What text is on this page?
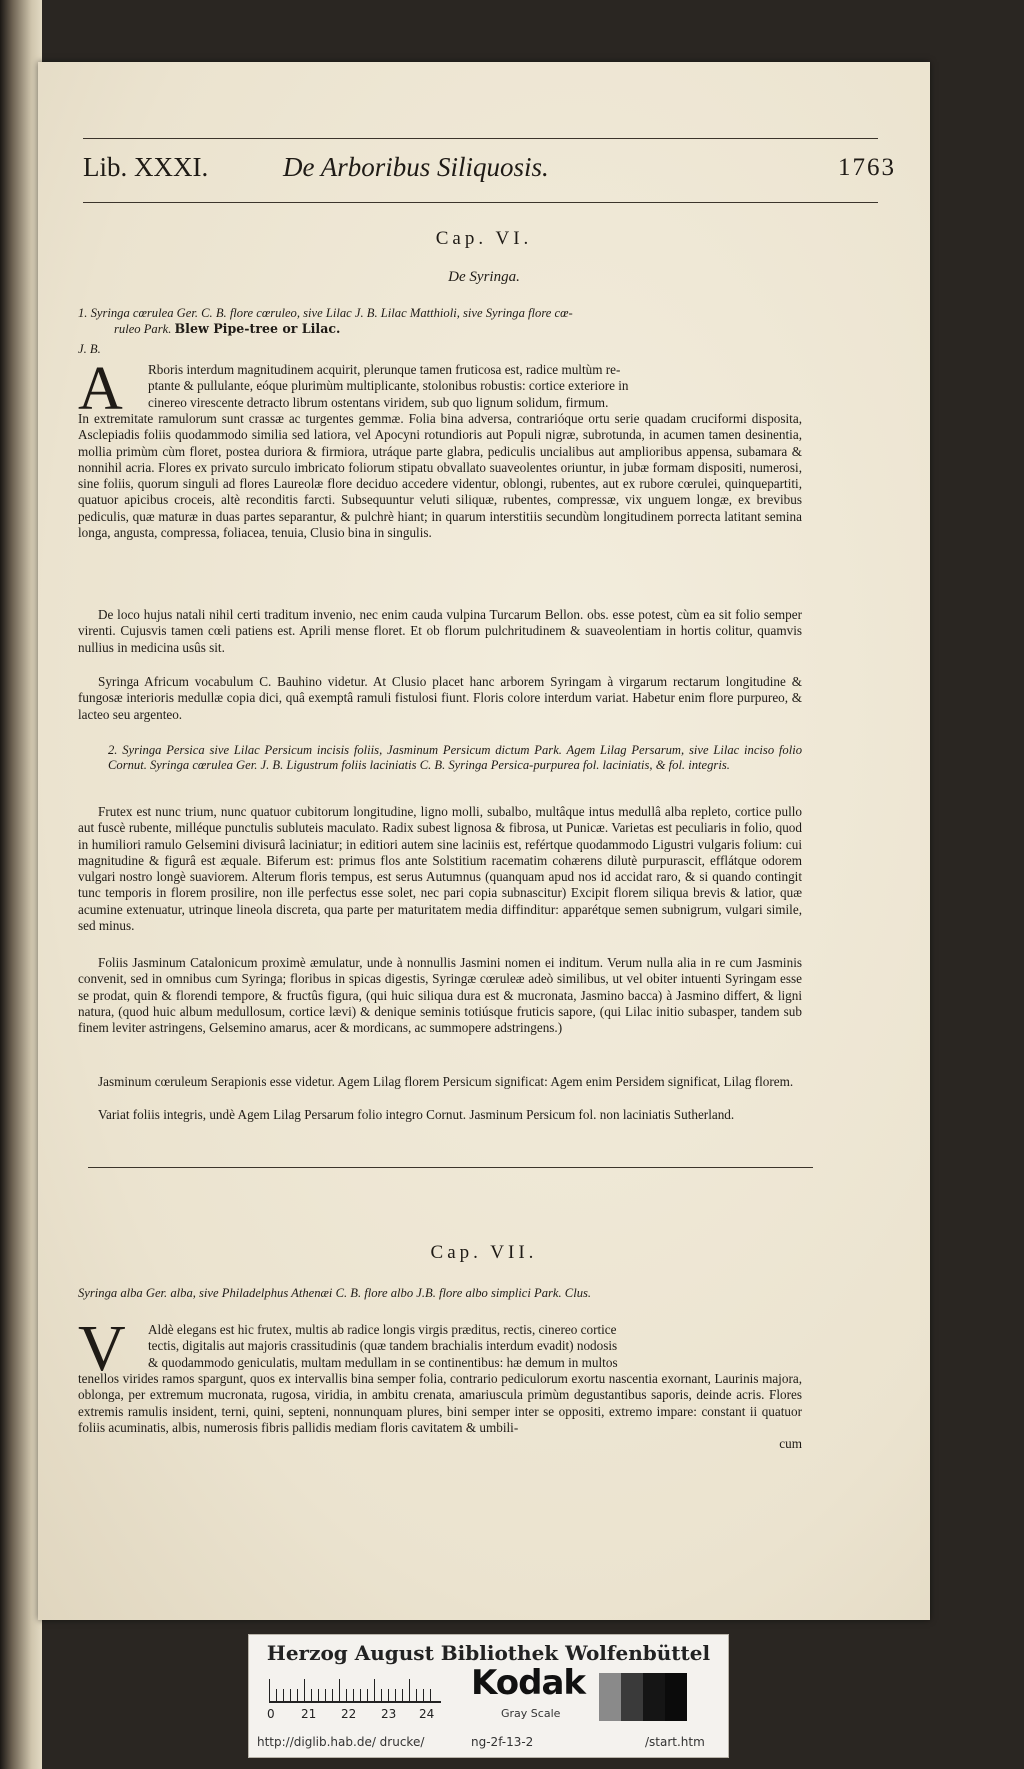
Lib. XXXI.	De Arboribus Siliquosis.	1763
Cap. VI.
De Syringa.

1. Syringa cœrulea Ger. C. B. flore cœruleo, sive Lilac J. B. Lilac Matthioli, sive Syringa flore cœ-

ruleo Park. Blew Pipe-tree or Lilac.

J. B.
A Rboris interdum magnitudinem acquirit, plerunque tamen fruticosa est, radice multùm re-

ptante & pullulante, eóque plurimùm multiplicante, stolonibus robustis: cortice exteriore in

cinereo virescente detracto librum ostentans viridem, sub quo lignum solidum, firmum.

In extremitate ramulorum sunt crassæ ac turgentes gemmæ. Folia bina adversa, contrarióque ortu serie quadam cruciformi disposita, Asclepiadis foliis quodammodo similia sed latiora, vel Apocyni rotundioris aut Populi nigræ, subrotunda, in acumen tamen desinentia, mollia primùm cùm floret, postea duriora & firmiora, utráque parte glabra, pediculis uncialibus aut amplioribus appensa, subamara & nonnihil acria. Flores ex privato surculo imbricato foliorum stipatu obvallato suaveolentes oriuntur, in jubæ formam dispositi, numerosi, sine foliis, quorum singuli ad flores Laureolæ flore deciduo accedere videntur, oblongi, rubentes, aut ex rubore cœrulei, quinquepartiti, quatuor apicibus croceis, altè reconditis farcti. Subsequuntur veluti siliquæ, rubentes, compressæ, vix unguem longæ, ex brevibus pediculis, quæ maturæ in duas partes separantur, & pulchrè hiant; in quarum interstitiis secundùm longitudinem porrecta latitant semina longa, angusta, compressa, foliacea, tenuia, Clusio bina in singulis.
De loco hujus natali nihil certi traditum invenio, nec enim cauda vulpina Turcarum Bellon. obs. esse potest, cùm ea sit folio semper virenti. Cujusvis tamen cœli patiens est. Aprili mense floret. Et ob florum pulchritudinem & suaveolentiam in hortis colitur, quamvis nullius in medicina usûs sit.
Syringa Africum vocabulum C. Bauhino videtur. At Clusio placet hanc arborem Syringam à virgarum rectarum longitudine & fungosæ interioris medullæ copia dici, quâ exemptâ ramuli fistulosi fiunt. Floris colore interdum variat. Habetur enim flore purpureo, & lacteo seu argenteo.
2. Syringa Persica sive Lilac Persicum incisis foliis, Jasminum Persicum dictum Park. Agem Lilag Persarum, sive Lilac inciso folio Cornut. Syringa cœrulea Ger. J. B. Ligustrum foliis laciniatis C. B. Syringa Persica-purpurea fol. laciniatis, & fol. integris.
Frutex est nunc trium, nunc quatuor cubitorum longitudine, ligno molli, subalbo, multâque intus medullâ alba repleto, cortice pullo aut fuscè rubente, milléque punctulis sublutеis maculato. Radix subest lignosa & fibrosa, ut Punicæ. Varietas est peculiaris in folio, quod in humiliori ramulo Gelsemini divisurâ laciniatur; in editiori autem sine laciniis est, refértque quodammodo Ligustri vulgaris folium: cui magnitudine & figurâ est æquale. Biferum est: primus flos ante Solstitium racematim cohærens dilutè purpurascit, efflátque odorem vulgari nostro longè suaviorem. Alterum floris tempus, est serus Autumnus (quanquam apud nos id accidat raro, & si quando contingit tunc temporis in florem prosilire, non ille perfectus esse solet, nec pari copia subnascitur) Excipit florem siliqua brevis & latior, quæ acumine extenuatur, utrinque lineola discreta, qua parte per maturitatem media diffinditur: apparétque semen subnigrum, vulgari simile, sed minus.
Foliis Jasminum Catalonicum proximè æmulatur, unde à nonnullis Jasmini nomen ei inditum. Verum nulla alia in re cum Jasminis convenit, sed in omnibus cum Syringa; floribus in spicas digestis, Syringæ cœruleæ adeò similibus, ut vel obiter intuenti Syringam esse se prodat, quin & florendi tempore, & fructûs figura, (qui huic siliqua dura est & mucronata, Jasmino bacca) à Jasmino differt, & ligni natura, (quod huic album medullosum, cortice lævi) & denique seminis totiúsque fruticis sapore, (qui Lilac initio subasper, tandem sub finem leviter astringens, Gelsemino amarus, acer & mordicans, ac summopere adstringens.)
Jasminum cœruleum Serapionis esse videtur. Agem Lilag florem Persicum significat: Agem enim Persidem significat, Lilag florem.
Variat foliis integris, undè Agem Lilag Persarum folio integro Cornut. Jasminum Persicum fol. non laciniatis Sutherland.
Cap. VII.
Syringa alba Ger. alba, sive Philadelphus Athenæi C. B. flore albo J.B. flore albo simplici Park. Clus.
V Aldè elegans est hic frutex, multis ab radice longis virgis præditus, rectis, cinereo cortice

tectis, digitalis aut majoris crassitudinis (quæ tandem brachialis interdum evadit) nodosis

& quodammodo geniculatis, multam medullam in se continentibus: hæ demum in multos

tenellos virides ramos spargunt, quos ex intervallis bina semper folia, contrario pediculorum exortu nascentia exornant, Laurinis majora, oblonga, per extremum mucronata, rugosa, viridia, in ambitu crenata, amariuscula primùm degustantibus saporis, deinde acris. Flores extremis ramulis insident, terni, quini, septeni, nonnunquam plures, bini semper inter se oppositi, extremo impare: constant ii quatuor foliis acuminatis, albis, numerosis fibris pallidis mediam floris cavitatem & umbili-
cum
Herzog August Bibliothek Wolfenbüttel
0 21 22 23 24
Kodak
Gray Scale
http://diglib.hab.de/ drucke/	ng-2f-13-2	/start.htm
